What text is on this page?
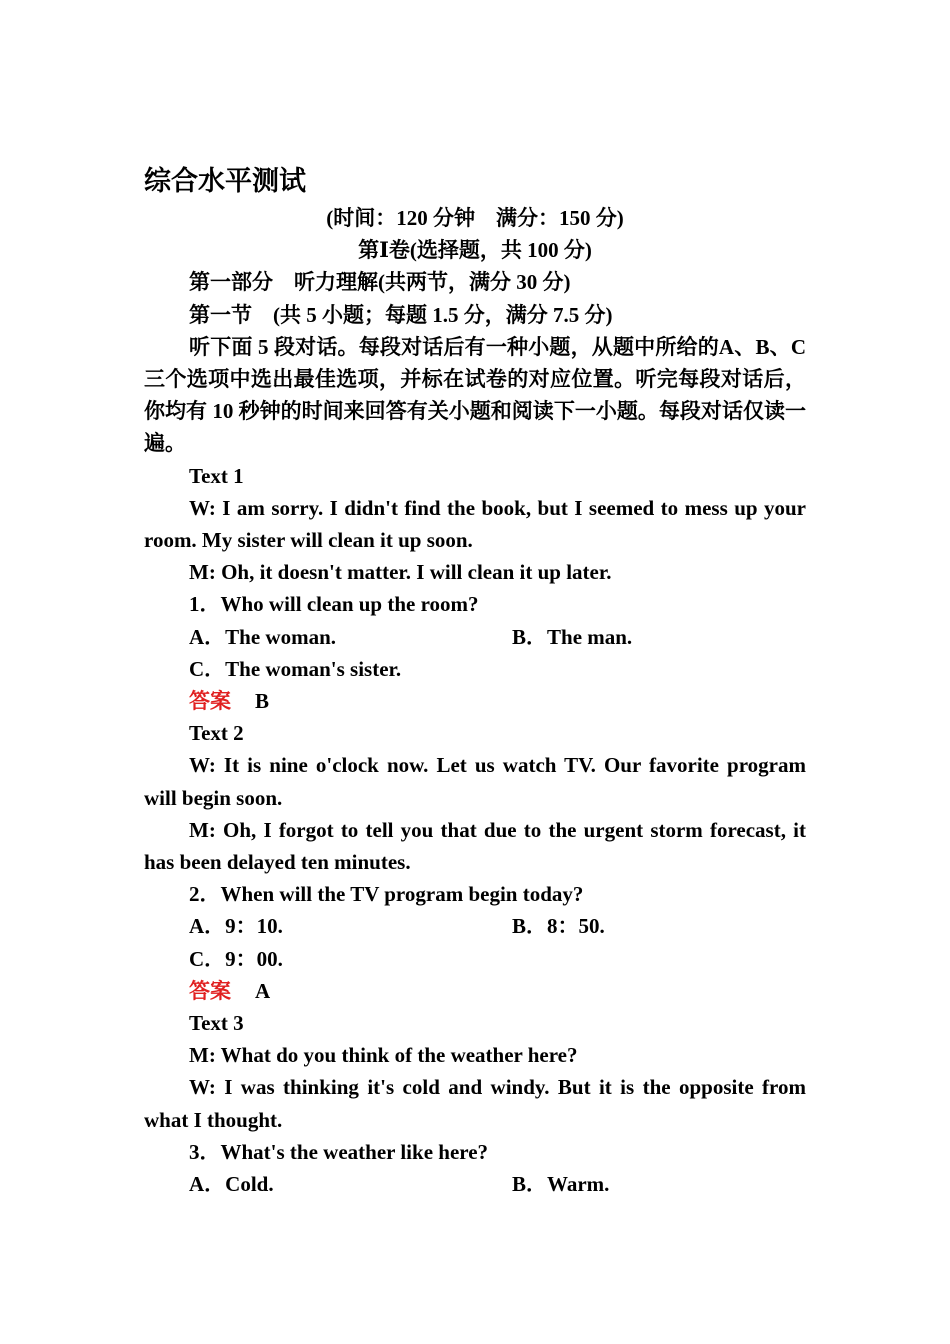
综合水平测试
(时间：120 分钟　满分：150 分)
第Ⅰ卷(选择题，共 100 分)
第一部分　听力理解(共两节，满分 30 分)
第一节　(共 5 小题；每题 1.5 分，满分 7.5 分)
听下面 5 段对话。每段对话后有一种小题，从题中所给的A、B、C 三个选项中选出最佳选项，并标在试卷的对应位置。听完每段对话后，你均有 10 秒钟的时间来回答有关小题和阅读下一小题。每段对话仅读一遍。
Text 1
W: I am sorry. I didn't find the book, but I seemed to mess up your room. My sister will clean it up soon.
M: Oh, it doesn't matter. I will clean it up later.
1．Who will clean up the room?
A．The woman.	B．The man.
C．The woman's sister.
答案 B
Text 2
W: It is nine o'clock now. Let us watch TV. Our favorite program will begin soon.
M: Oh, I forgot to tell you that due to the urgent storm forecast, it has been delayed ten minutes.
2．When will the TV program begin today?
A．9：10.	B．8：50.
C．9：00.
答案 A
Text 3
M: What do you think of the weather here?
W: I was thinking it's cold and windy. But it is the opposite from what I thought.
3．What's the weather like here?
A．Cold.	B．Warm.
